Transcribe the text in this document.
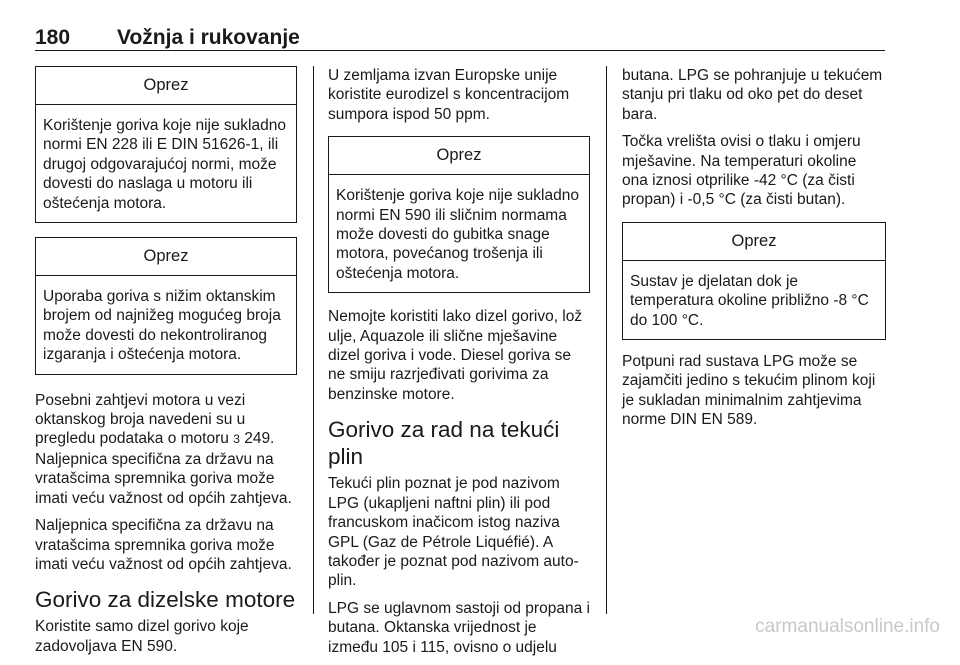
180 Vožnja i rukovanje
Oprez
Korištenje goriva koje nije sukladno normi EN 228 ili E DIN 51626-1, ili drugoj odgovarajućoj normi, može dovesti do naslaga u motoru ili oštećenja motora.
Oprez
Uporaba goriva s nižim oktanskim brojem od najnižeg mogućeg broja može dovesti do nekontroliranog izgaranja i oštećenja motora.

Posebni zahtjevi motora u vezi oktanskog broja navedeni su u pregledu podataka o motoru 3 249. Naljepnica specifična za državu na vratašcima spremnika goriva može imati veću važnost od općih zahtjeva.

Naljepnica specifična za državu na vratašcima spremnika goriva može imati veću važnost od općih zahtjeva.

Gorivo za dizelske motore

Koristite samo dizel gorivo koje zadovoljava EN 590.

U zemljama izvan Europske unije koristite eurodizel s koncentracijom sumpora ispod 50 ppm.

Oprez
Korištenje goriva koje nije sukladno normi EN 590 ili sličnim normama može dovesti do gubitka snage motora, povećanog trošenja ili oštećenja motora.

Nemojte koristiti lako dizel gorivo, lož ulje, Aquazole ili slične mješavine dizel goriva i vode. Diesel goriva se ne smiju razrjeđivati gorivima za benzinske motore.

Gorivo za rad na tekući plin

Tekući plin poznat je pod nazivom LPG (ukapljeni naftni plin) ili pod francuskom inačicom istog naziva GPL (Gaz de Pétrole Liquéfié). A također je poznat pod nazivom auto-plin.

LPG se uglavnom sastoji od propana i butana. Oktanska vrijednost je između 105 i 115, ovisno o udjelu

butana. LPG se pohranjuje u tekućem stanju pri tlaku od oko pet do deset bara.

Točka vrelišta ovisi o tlaku i omjeru mješavine. Na temperaturi okoline ona iznosi otprilike -42 °C (za čisti propan) i -0,5 °C (za čisti butan).

Oprez
Sustav je djelatan dok je temperatura okoline približno -8 °C do 100 °C.

Potpuni rad sustava LPG može se zajamčiti jedino s tekućim plinom koji je sukladan minimalnim zahtjevima norme DIN EN 589.

carmanualsonline.info
